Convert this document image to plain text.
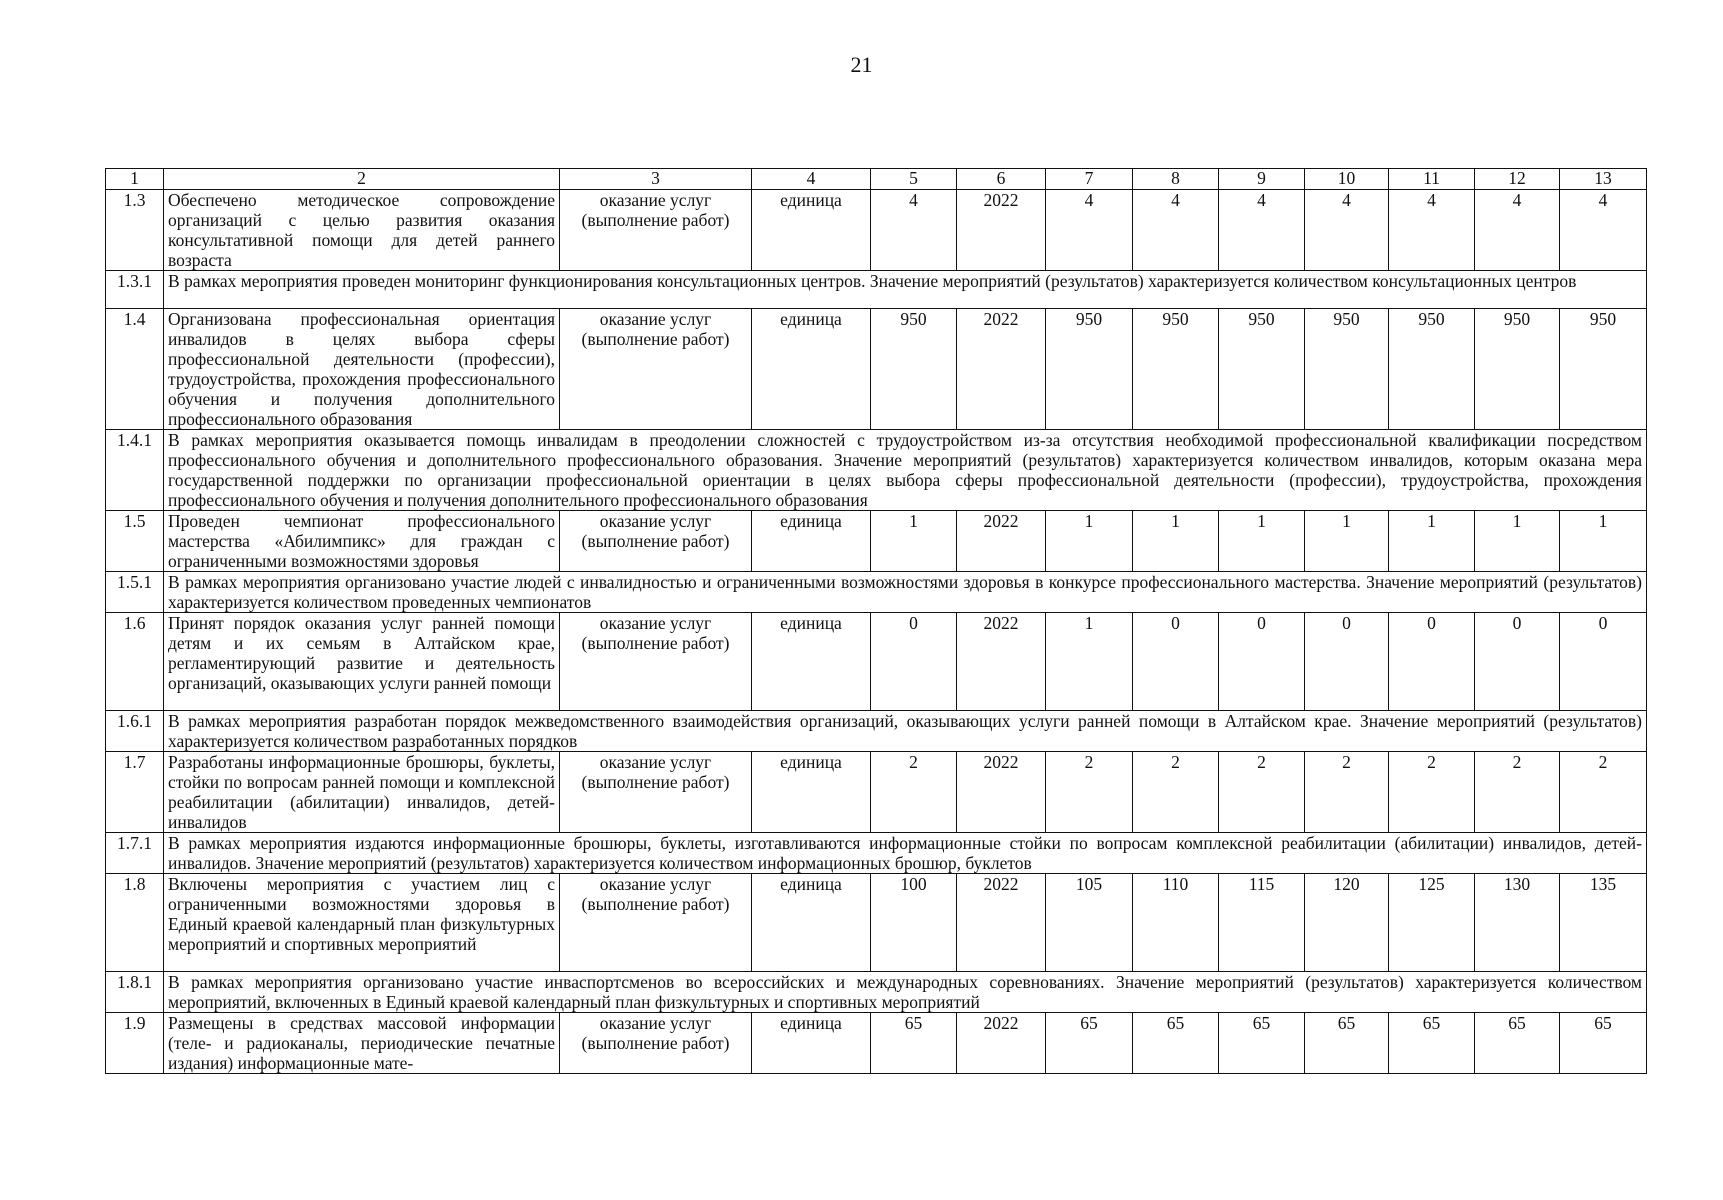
21
1	2	3	4	5	6	7	8	9	10	11	12	13
1.3	Обеспечено методическое сопровождение организаций с целью развития оказания консультативной помощи для детей раннего возраста	оказание услуг (выполнение работ)	единица	4	2022	4	4	4	4	4	4	4
1.3.1	В рамках мероприятия проведен мониторинг функционирования консультационных центров. Значение мероприятий (результатов) характеризуется количеством консультационных центров											
1.4	Организована профессиональная ориентация инвалидов в целях выбора сферы профессиональной деятельности (профессии), трудоустройства, прохождения профессионального обучения и получения дополнительного профессионального образования	оказание услуг (выполнение работ)	единица	950	2022	950	950	950	950	950	950	950
1.4.1	В рамках мероприятия оказывается помощь инвалидам в преодолении сложностей с трудоустройством из-за отсутствия необходимой профессиональной квалификации посредством профессионального обучения и дополнительного профессионального образования. Значение мероприятий (результатов) характеризуется количеством инвалидов, которым оказана мера государственной поддержки по организации профессиональной ориентации в целях выбора сферы профессиональной деятельности (профессии), трудоустройства, прохождения профессионального обучения и получения дополнительного профессионального образования											
1.5	Проведен чемпионат профессионального мастерства «Абилимпикс» для граждан с ограниченными возможностями здоровья	оказание услуг (выполнение работ)	единица	1	2022	1	1	1	1	1	1	1
1.5.1	В рамках мероприятия организовано участие людей с инвалидностью и ограниченными возможностями здоровья в конкурсе профессионального мастерства. Значение мероприятий (результатов) характеризуется количеством проведенных чемпионатов											
1.6	Принят порядок оказания услуг ранней помощи детям и их семьям в Алтайском крае, регламентирующий развитие и деятельность организаций, оказывающих услуги ранней помощи	оказание услуг (выполнение работ)	единица	0	2022	1	0	0	0	0	0	0
1.6.1	В рамках мероприятия разработан порядок межведомственного взаимодействия организаций, оказывающих услуги ранней помощи в Алтайском крае. Значение мероприятий (результатов) характеризуется количеством разработанных порядков											
1.7	Разработаны информационные брошюры, буклеты, стойки по вопросам ранней помощи и комплексной реабилитации (абилитации) инвалидов, детей-инвалидов	оказание услуг (выполнение работ)	единица	2	2022	2	2	2	2	2	2	2
1.7.1	В рамках мероприятия издаются информационные брошюры, буклеты, изготавливаются информационные стойки по вопросам комплексной реабилитации (абилитации) инвалидов, детей-инвалидов. Значение мероприятий (результатов) характеризуется количеством информационных брошюр, буклетов											
1.8	Включены мероприятия с участием лиц с ограниченными возможностями здоровья в Единый краевой календарный план физкультурных мероприятий и спортивных мероприятий	оказание услуг (выполнение работ)	единица	100	2022	105	110	115	120	125	130	135
1.8.1	В рамках мероприятия организовано участие инваспортсменов во всероссийских и международных соревнованиях. Значение мероприятий (результатов) характеризуется количеством мероприятий, включенных в Единый краевой календарный план физкультурных и спортивных мероприятий											
1.9	Размещены в средствах массовой информации (теле- и радиоканалы, периодические печатные издания) информационные мате-	оказание услуг (выполнение работ)	единица	65	2022	65	65	65	65	65	65	65
